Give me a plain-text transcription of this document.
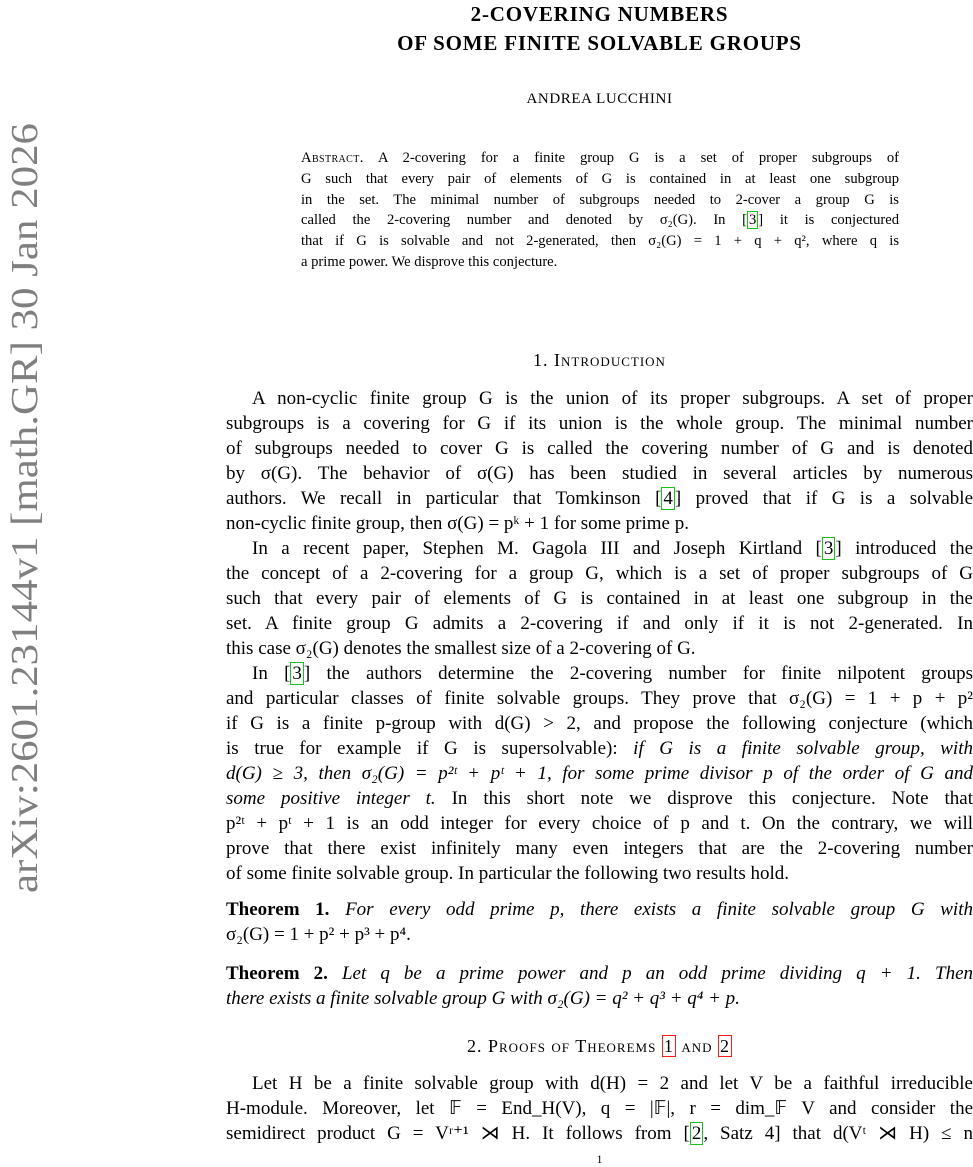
arXiv:2601.23144v1 [math.GR] 30 Jan 2026
2-COVERING NUMBERS
OF SOME FINITE SOLVABLE GROUPS
ANDREA LUCCHINI
Abstract. A 2-covering for a finite group G is a set of proper subgroups of
G such that every pair of elements of G is contained in at least one subgroup
in the set. The minimal number of subgroups needed to 2-cover a group G is
called the 2-covering number and denoted by σ₂(G). In [ 3 ] it is conjectured
that if G is solvable and not 2-generated, then σ₂(G) = 1 + q + q², where q is
a prime power. We disprove this conjecture.
1. Introduction
A non-cyclic finite group G is the union of its proper subgroups. A set of proper
subgroups is a covering for G if its union is the whole group. The minimal number
of subgroups needed to cover G is called the covering number of G and is denoted
by σ(G). The behavior of σ(G) has been studied in several articles by numerous
authors. We recall in particular that Tomkinson [ 4 ] proved that if G is a solvable
non-cyclic finite group, then σ(G) = pᵏ + 1 for some prime p.
In a recent paper, Stephen M. Gagola III and Joseph Kirtland [ 3 ] introduced the
the concept of a 2-covering for a group G, which is a set of proper subgroups of G
such that every pair of elements of G is contained in at least one subgroup in the
set. A finite group G admits a 2-covering if and only if it is not 2-generated. In
this case σ₂(G) denotes the smallest size of a 2-covering of G.
In [ 3 ] the authors determine the 2-covering number for finite nilpotent groups
and particular classes of finite solvable groups. They prove that σ₂(G) = 1 + p + p²
if G is a finite p-group with d(G) > 2, and propose the following conjecture (which
is true for example if G is supersolvable): if G is a finite solvable group, with
d(G) ≥ 3, then σ₂(G) = p²ᵗ + pᵗ + 1, for some prime divisor p of the order of G and
some positive integer t. In this short note we disprove this conjecture. Note that
p²ᵗ + pᵗ + 1 is an odd integer for every choice of p and t. On the contrary, we will
prove that there exist infinitely many even integers that are the 2-covering number
of some finite solvable group. In particular the following two results hold.
Theorem 1. For every odd prime p, there exists a finite solvable group G with
σ₂(G) = 1 + p² + p³ + p⁴.
Theorem 2. Let q be a prime power and p an odd prime dividing q + 1. Then
there exists a finite solvable group G with σ₂(G) = q² + q³ + q⁴ + p.
2. Proofs of Theorems 1 and 2
Let H be a finite solvable group with d(H) = 2 and let V be a faithful irreducible
H-module. Moreover, let 𝔽 = End_H(V), q = |𝔽|, r = dim_𝔽 V and consider the
semidirect product G = Vʳ⁺¹ ⋊ H. It follows from [ 2 , Satz 4] that d(Vᵗ ⋊ H) ≤ n
1
